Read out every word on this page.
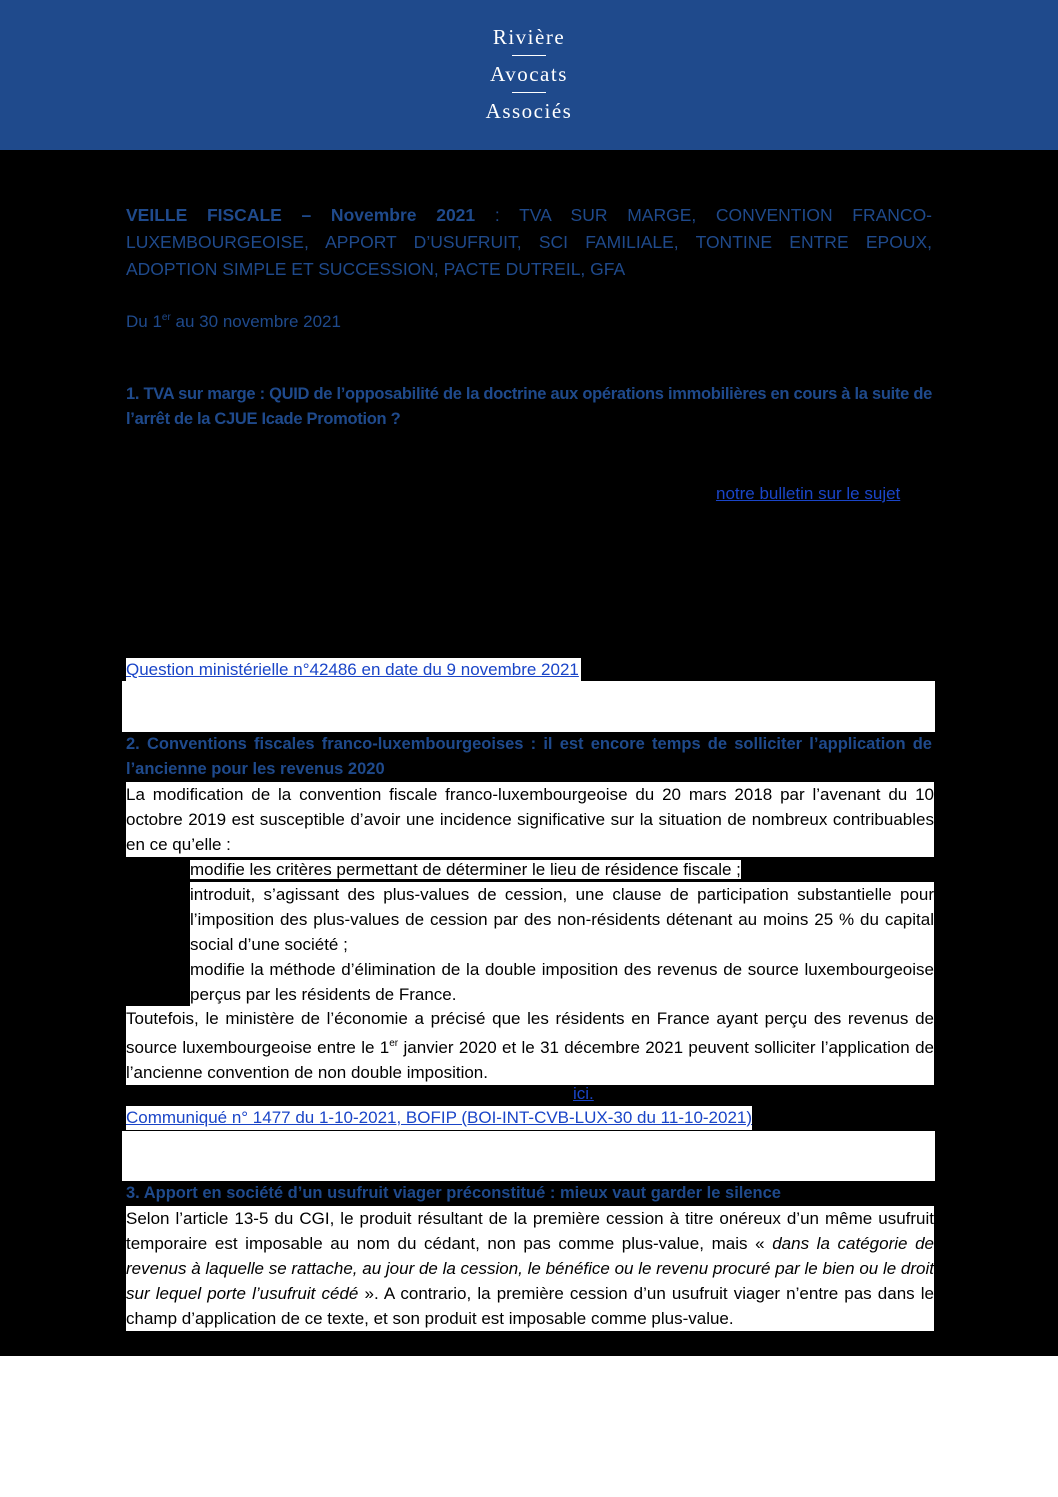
Rivière
Avocats
Associés
VEILLE FISCALE – Novembre 2021 : TVA SUR MARGE, CONVENTION FRANCO-LUXEMBOURGEOISE, APPORT D’USUFRUIT, SCI FAMILIALE, TONTINE ENTRE EPOUX, ADOPTION SIMPLE ET SUCCESSION, PACTE DUTREIL, GFA
Du 1er au 30 novembre 2021
1. TVA sur marge : QUID de l’opposabilité de la doctrine aux opérations immobilières en cours à la suite de l’arrêt de la CJUE Icade Promotion ?
notre bulletin sur le sujet
Question ministérielle n°42486 en date du 9 novembre 2021
2. Conventions fiscales franco-luxembourgeoises : il est encore temps de solliciter l’application de l’ancienne pour les revenus 2020
La modification de la convention fiscale franco-luxembourgeoise du 20 mars 2018 par l’avenant du 10 octobre 2019 est susceptible d’avoir une incidence significative sur la situation de nombreux contribuables en ce qu’elle :
modifie les critères permettant de déterminer le lieu de résidence fiscale ;
introduit, s’agissant des plus-values de cession, une clause de participation substantielle pour l’imposition des plus-values de cession par des non-résidents détenant au moins 25 % du capital social d’une société ;
modifie la méthode d’élimination de la double imposition des revenus de source luxembourgeoise perçus par les résidents de France.
Toutefois, le ministère de l’économie a précisé que les résidents en France ayant perçu des revenus de source luxembourgeoise entre le 1er janvier 2020 et le 31 décembre 2021 peuvent solliciter l’application de l’ancienne convention de non double imposition.
ici.
Communiqué n° 1477 du 1-10-2021, BOFIP (BOI-INT-CVB-LUX-30 du 11-10-2021)
3. Apport en société d’un usufruit viager préconstitué : mieux vaut garder le silence
Selon l’article 13-5 du CGI, le produit résultant de la première cession à titre onéreux d’un même usufruit temporaire est imposable au nom du cédant, non pas comme plus-value, mais « dans la catégorie de revenus à laquelle se rattache, au jour de la cession, le bénéfice ou le revenu procuré par le bien ou le droit sur lequel porte l’usufruit cédé ». A contrario, la première cession d’un usufruit viager n’entre pas dans le champ d’application de ce texte, et son produit est imposable comme plus-value.
